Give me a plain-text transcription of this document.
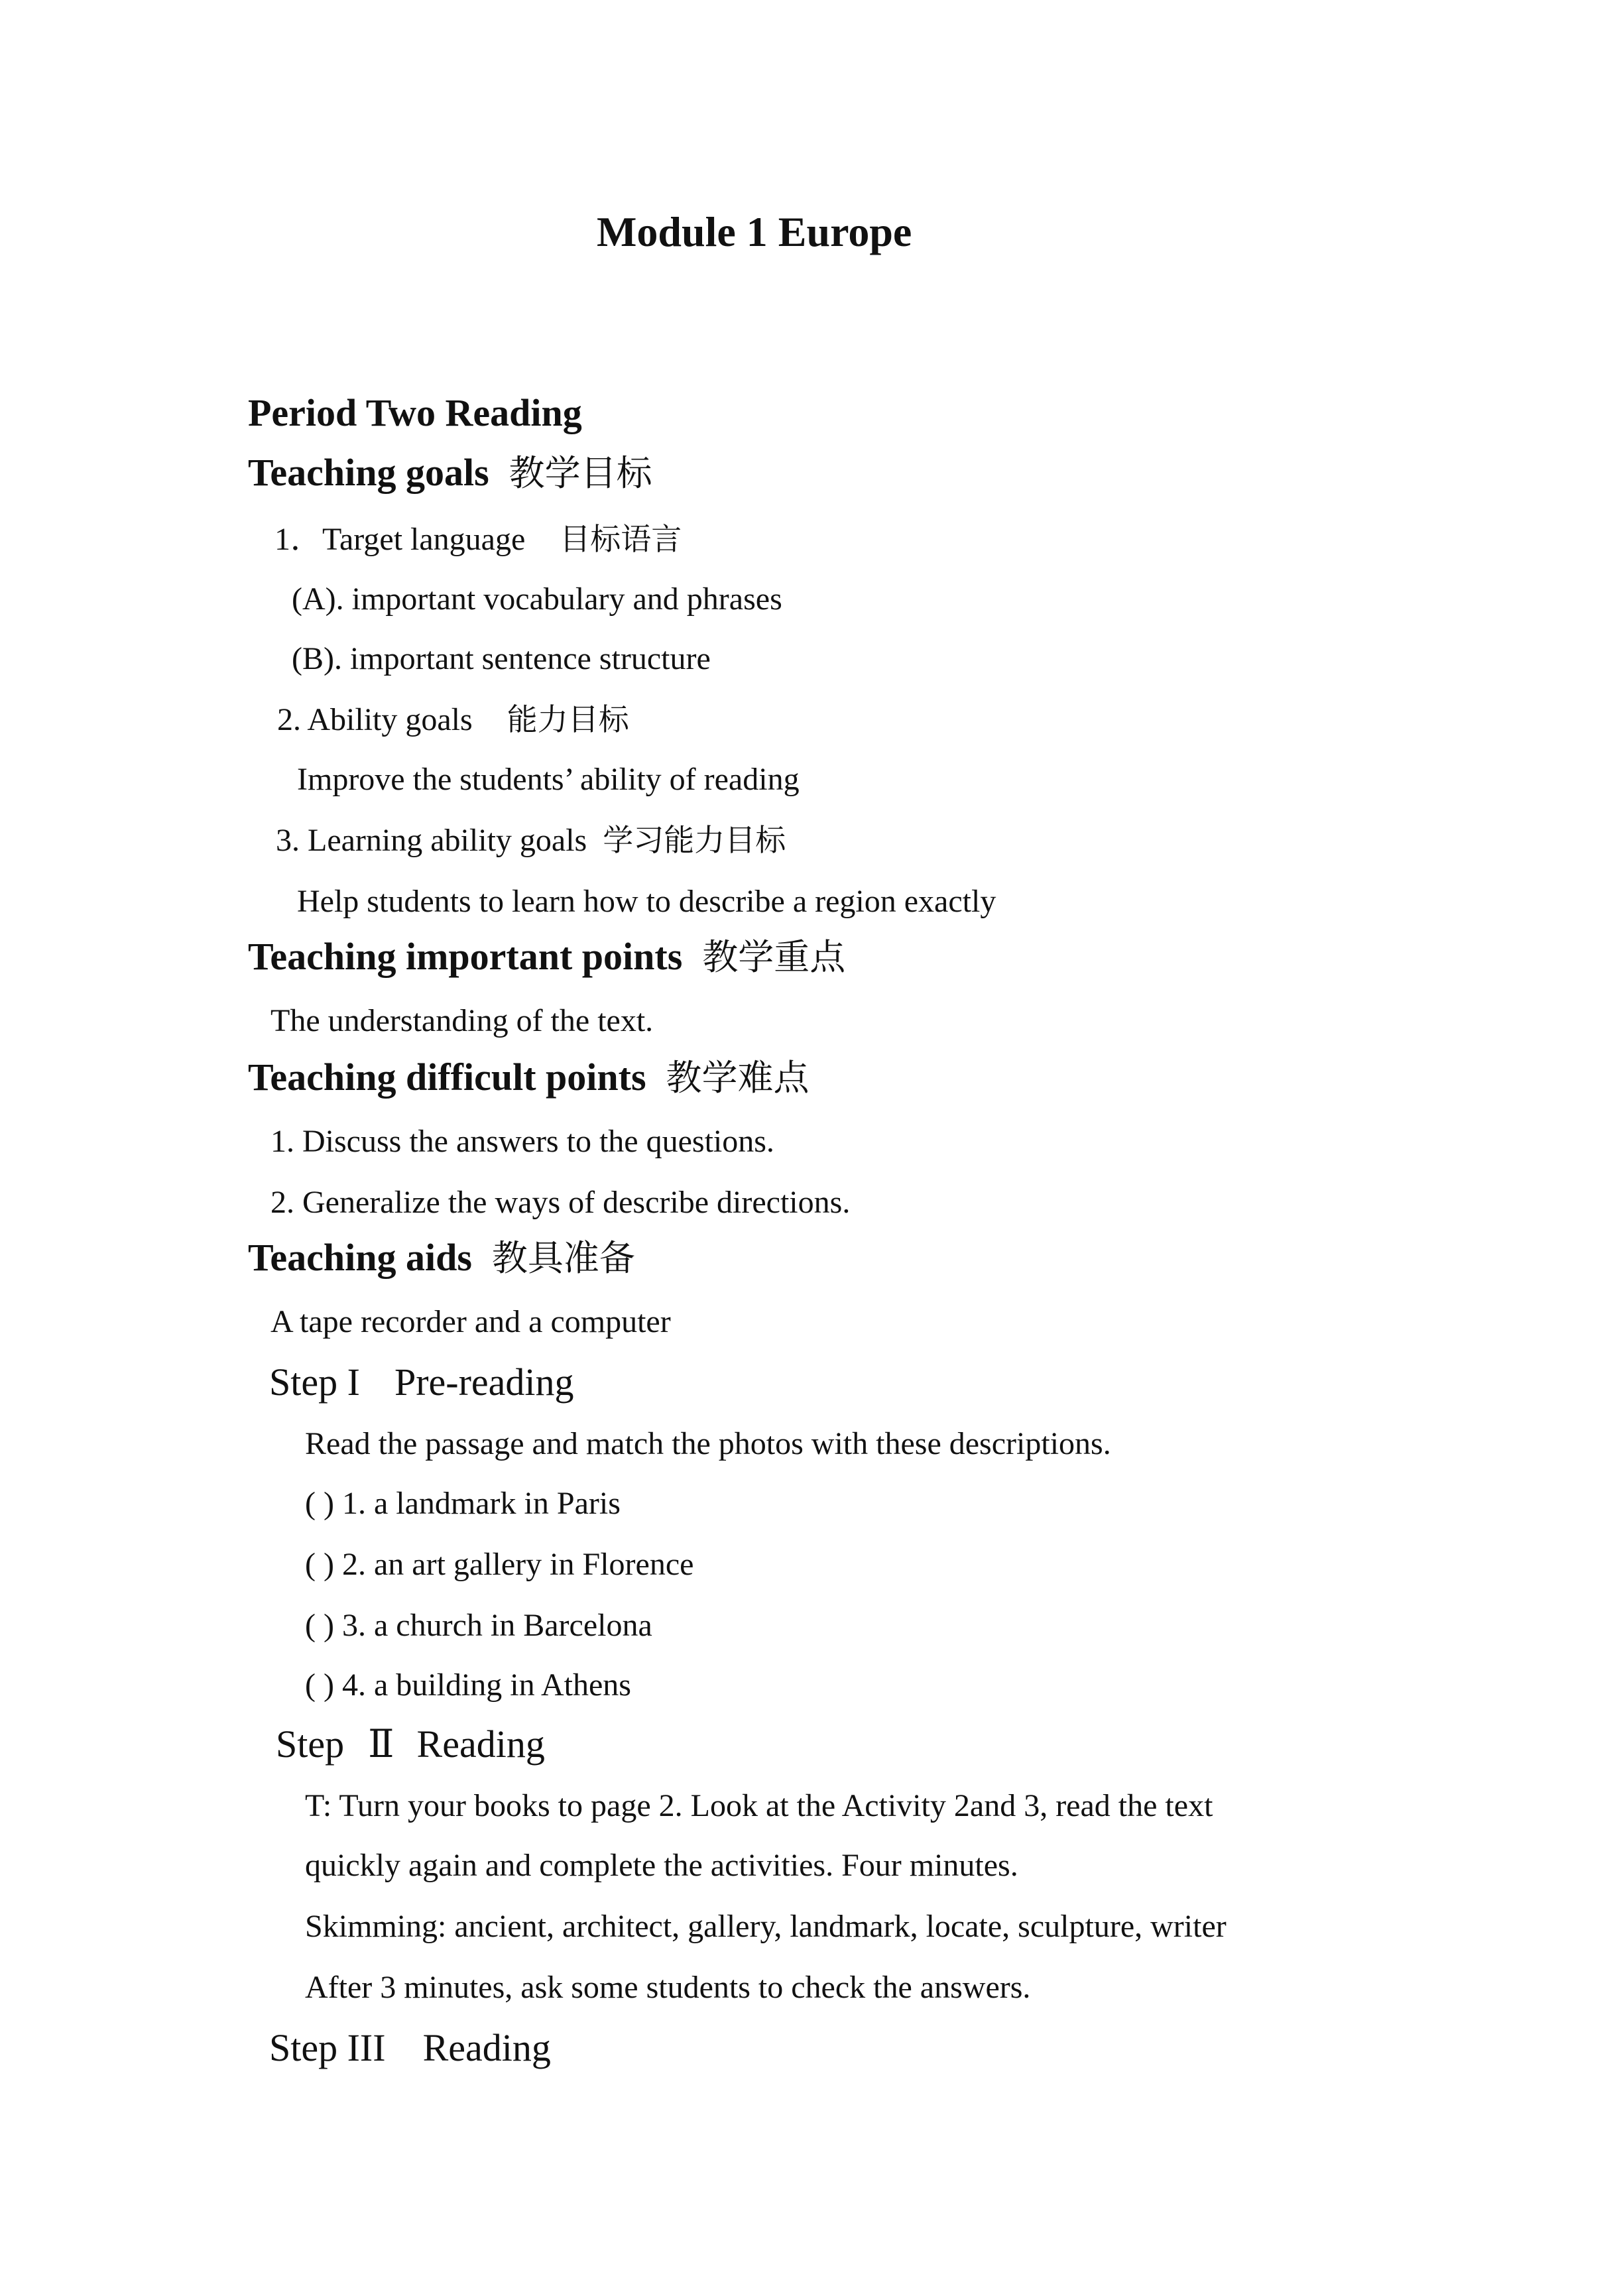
Module 1 Europe
Period Two Reading
Teaching goals 教学目标
1．Target language 目标语言
(A). important vocabulary and phrases
(B). important sentence structure
2. Ability goals 能力目标
Improve the students’ ability of reading
3. Learning ability goals 学习能力目标
Help students to learn how to describe a region exactly
Teaching important points 教学重点
The understanding of the text.
Teaching difficult points 教学难点
1. Discuss the answers to the questions.
2. Generalize the ways of describe directions.
Teaching aids 教具准备
A tape recorder and a computer
Step I Pre-reading
Read the passage and match the photos with these descriptions.
( ) 1. a landmark in Paris
( ) 2. an art gallery in Florence
( ) 3. a church in Barcelona
( ) 4. a building in Athens
Step Ⅱ Reading
T: Turn your books to page 2. Look at the Activity 2and 3, read the text
quickly again and complete the activities. Four minutes.
Skimming: ancient, architect, gallery, landmark, locate, sculpture, writer
After 3 minutes, ask some students to check the answers.
Step III Reading
